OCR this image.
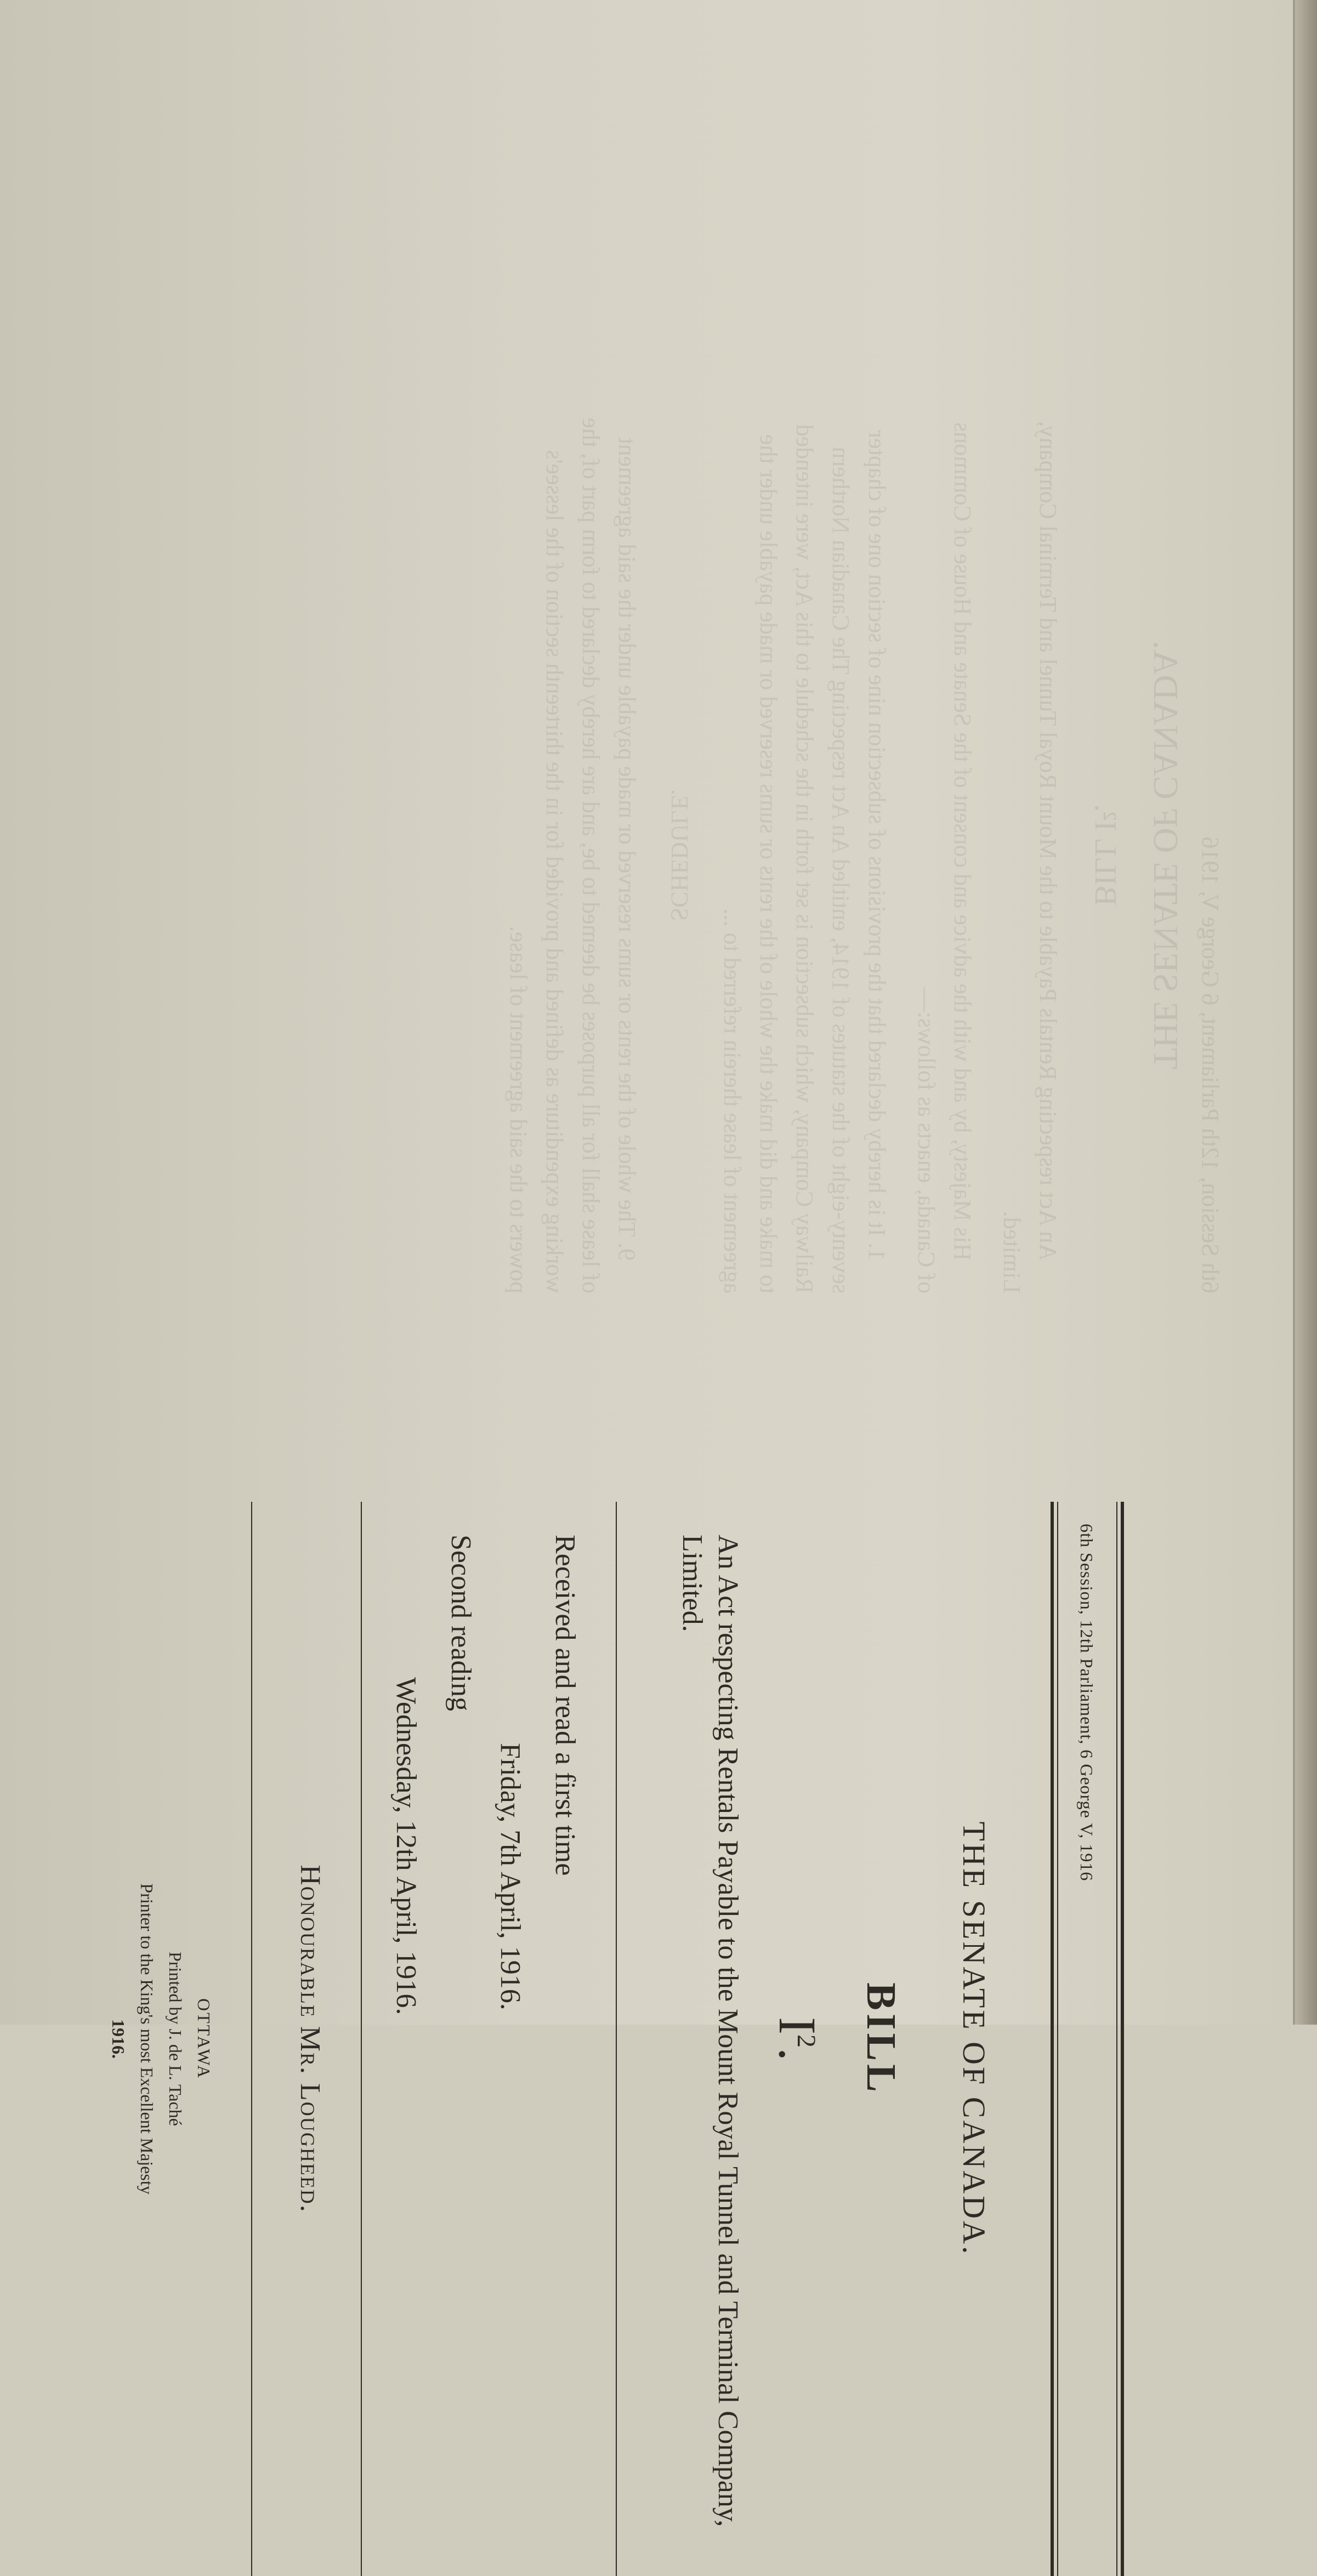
6th Session, 12th Parliament, 6 George V, 1916
THE SENATE OF CANADA.
BILL I².

An Act respecting Rentals Payable to the Mount Royal Tunnel and Terminal Company, Limited.

His Majesty, by and with the advice and consent of the Senate and House of Commons of Canada, enacts as follows:—

1. It is hereby declared that the provisions of subsection nine of section one of chapter seventy-eight of the statutes of 1914, entitled An Act respecting The Canadian Northern Railway Company, which subsection is set forth in the schedule to this Act, were intended to make and did make the whole of the rents or sums reserved or made payable under the agreement of lease therein referred to ...

SCHEDULE.

9. The whole of the rents or sums reserved or made payable under the said agreement of lease shall for all purposes be deemed to be, and are hereby declared to form part of, the working expenditure as defined and provided for in the thirteenth section of the lessee's powers to the said agreement of lease.

6th Session, 12th Parliament, 6 George V, 1916
THE SENATE OF CANADA.
BILL
$I^2$.
An Act respecting Rentals Payable to the Mount Royal Tunnel and Terminal Company, Limited.
Received and read a first time
Friday, 7th April, 1916.
Second reading
Wednesday, 12th April, 1916.
Honourable Mr. Lougheed.
OTTAWA
Printed by J. de L. Taché
Printer to the King's most Excellent Majesty
1916.
